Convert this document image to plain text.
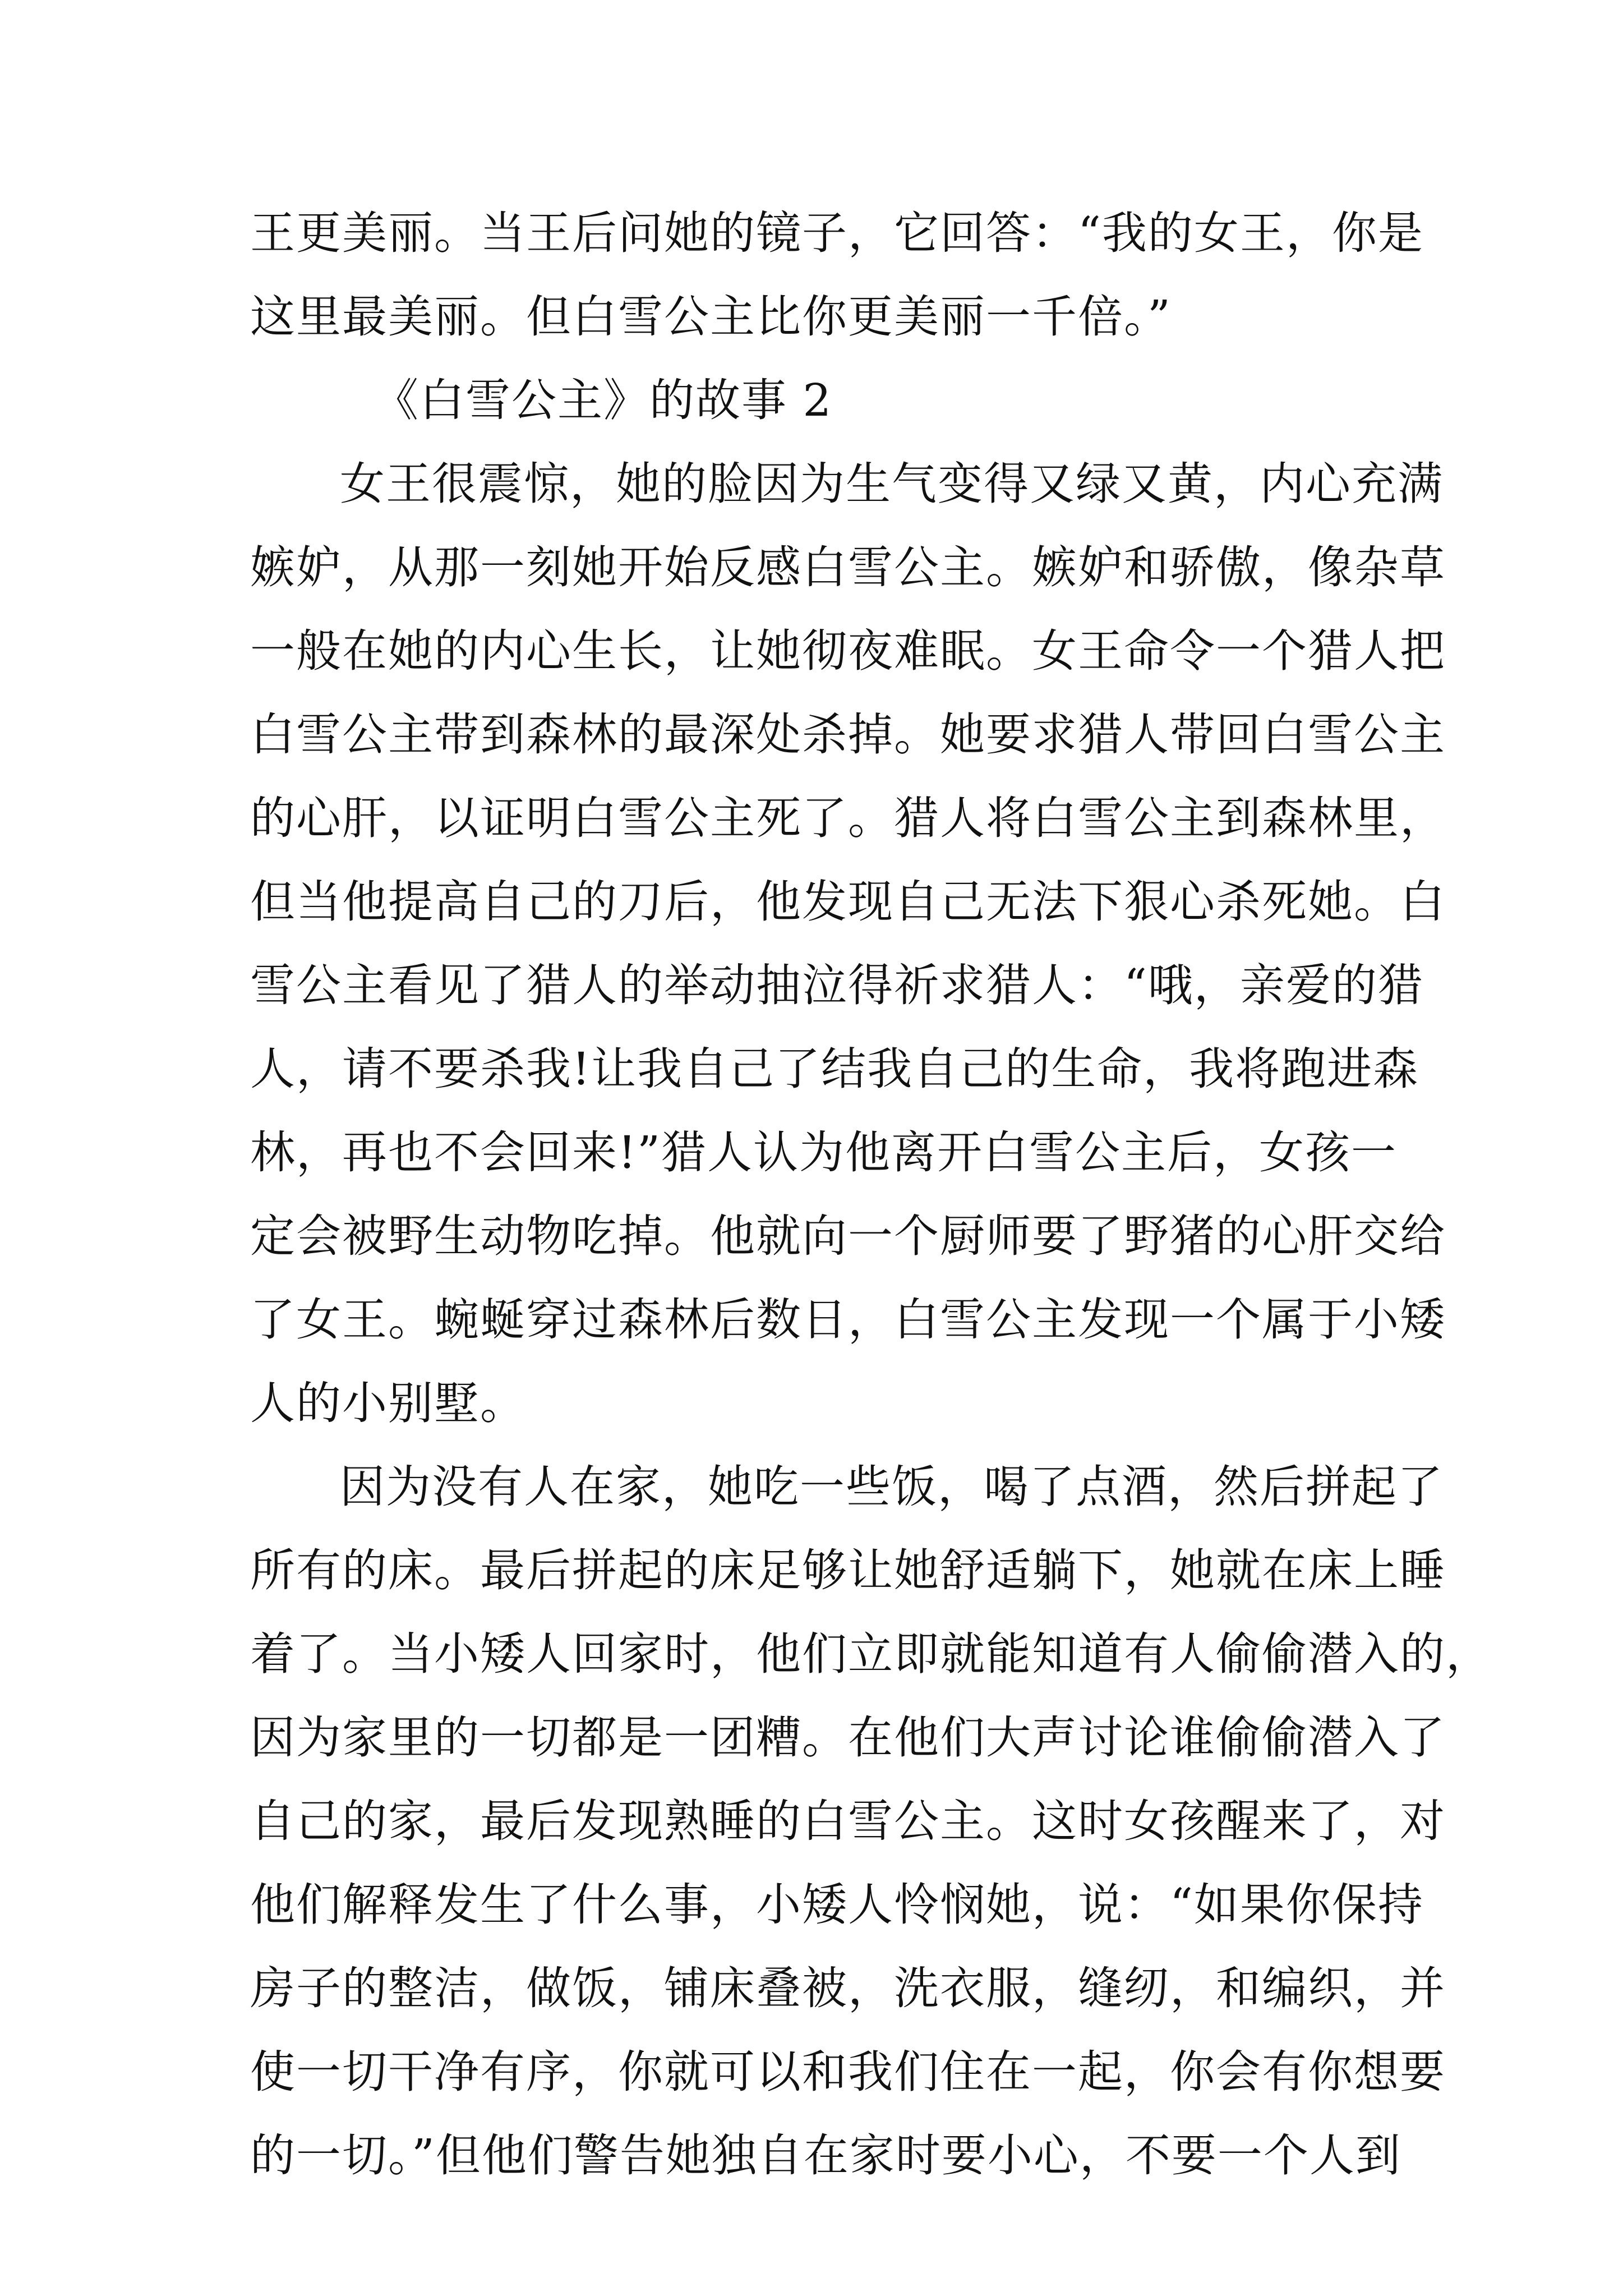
王更美丽。当王后问她的镜子，它回答：“我的女王，你是
这里最美丽。但白雪公主比你更美丽一千倍。”
《白雪公主》的故事 2
女王很震惊，她的脸因为生气变得又绿又黄，内心充满
嫉妒，从那一刻她开始反感白雪公主。嫉妒和骄傲，像杂草
一般在她的内心生长，让她彻夜难眠。女王命令一个猎人把
白雪公主带到森林的最深处杀掉。她要求猎人带回白雪公主
的心肝，以证明白雪公主死了。猎人将白雪公主到森林里，
但当他提高自己的刀后，他发现自己无法下狠心杀死她。白
雪公主看见了猎人的举动抽泣得祈求猎人：“哦，亲爱的猎
人，请不要杀我!让我自己了结我自己的生命，我将跑进森
林，再也不会回来!”猎人认为他离开白雪公主后，女孩一
定会被野生动物吃掉。他就向一个厨师要了野猪的心肝交给
了女王。蜿蜒穿过森林后数日，白雪公主发现一个属于小矮
人的小别墅。
因为没有人在家，她吃一些饭，喝了点酒，然后拼起了
所有的床。最后拼起的床足够让她舒适躺下，她就在床上睡
着了。当小矮人回家时，他们立即就能知道有人偷偷潜入的，
因为家里的一切都是一团糟。在他们大声讨论谁偷偷潜入了
自己的家，最后发现熟睡的白雪公主。这时女孩醒来了，对
他们解释发生了什么事，小矮人怜悯她，说：“如果你保持
房子的整洁，做饭，铺床叠被，洗衣服，缝纫，和编织，并
使一切干净有序，你就可以和我们住在一起，你会有你想要
的一切。”但他们警告她独自在家时要小心，不要一个人到
